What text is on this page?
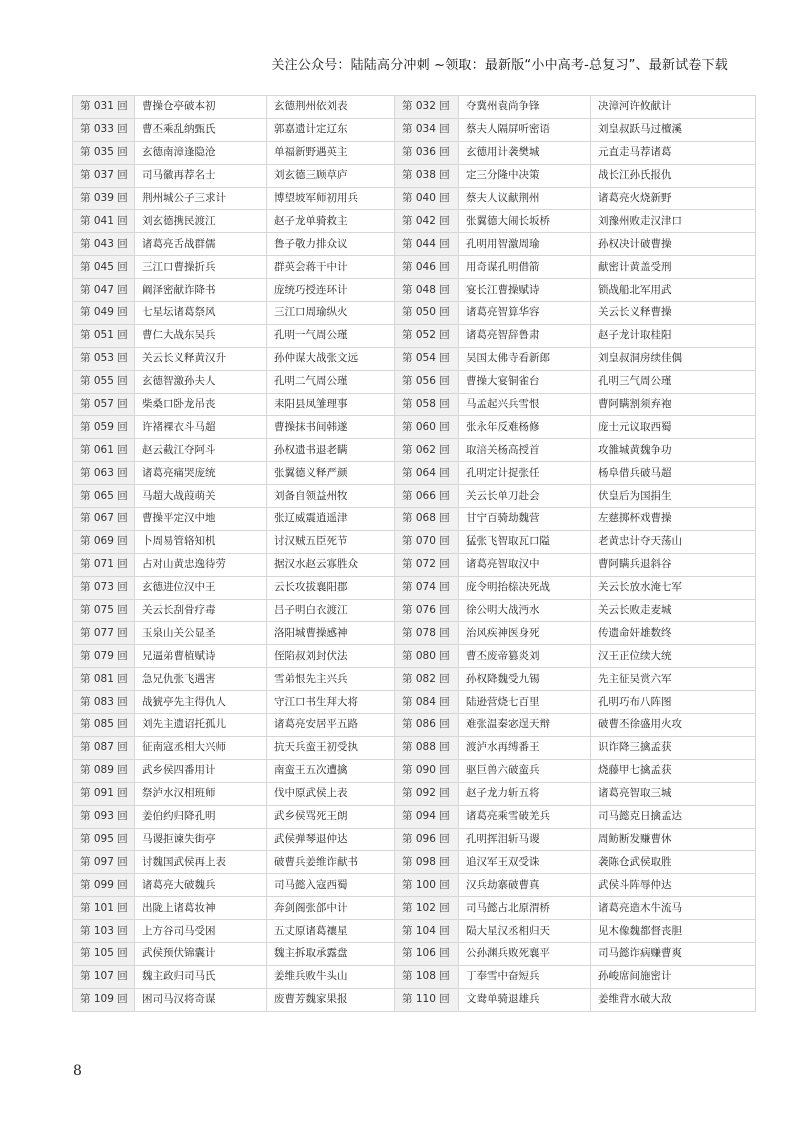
关注公众号：陆陆高分冲刺 ~领取：最新版“小中高考-总复习”、最新试卷下载
第 031 回	曹操仓亭破本初	玄德荆州依刘表	第 032 回	夺冀州袁尚争锋	决漳河许攸献计
第 033 回	曹丕乘乱纳甄氏	郭嘉遗计定辽东	第 034 回	蔡夫人隔屏听密语	刘皇叔跃马过檀溪
第 035 回	玄德南漳逢隐沧	单福新野遇英主	第 036 回	玄德用计袭樊城	元直走马荐诸葛
第 037 回	司马徽再荐名士	刘玄德三顾草庐	第 038 回	定三分隆中决策	战长江孙氏报仇
第 039 回	荆州城公子三求计	博望坡军师初用兵	第 040 回	蔡夫人议献荆州	诸葛亮火烧新野
第 041 回	刘玄德携民渡江	赵子龙单骑救主	第 042 回	张翼德大闹长坂桥	刘豫州败走汉津口
第 043 回	诸葛亮舌战群儒	鲁子敬力排众议	第 044 回	孔明用智激周瑜	孙权决计破曹操
第 045 回	三江口曹操折兵	群英会蒋干中计	第 046 回	用奇谋孔明借箭	献密计黄盖受刑
第 047 回	阚泽密献诈降书	庞统巧授连环计	第 048 回	宴长江曹操赋诗	锁战船北军用武
第 049 回	七星坛诸葛祭风	三江口周瑜纵火	第 050 回	诸葛亮智算华容	关云长义释曹操
第 051 回	曹仁大战东吴兵	孔明一气周公瑾	第 052 回	诸葛亮智辞鲁肃	赵子龙计取桂阳
第 053 回	关云长义释黄汉升	孙仲谋大战张文远	第 054 回	吴国太佛寺看新郎	刘皇叔洞房续佳偶
第 055 回	玄德智激孙夫人	孔明二气周公瑾	第 056 回	曹操大宴铜雀台	孔明三气周公瑾
第 057 回	柴桑口卧龙吊丧	耒阳县凤雏理事	第 058 回	马孟起兴兵雪恨	曹阿瞒割须弃袍
第 059 回	许褚裸衣斗马超	曹操抹书间韩遂	第 060 回	张永年反难杨修	庞士元议取西蜀
第 061 回	赵云截江夺阿斗	孙权遗书退老瞒	第 062 回	取涪关杨高授首	攻雒城黄魏争功
第 063 回	诸葛亮痛哭庞统	张翼德义释严颜	第 064 回	孔明定计捉张任	杨阜借兵破马超
第 065 回	马超大战葭萌关	刘备自领益州牧	第 066 回	关云长单刀赴会	伏皇后为国捐生
第 067 回	曹操平定汉中地	张辽威震逍遥津	第 068 回	甘宁百骑劫魏营	左慈掷杯戏曹操
第 069 回	卜周易管辂知机	讨汉贼五臣死节	第 070 回	猛张飞智取瓦口隘	老黄忠计夺天荡山
第 071 回	占对山黄忠逸待劳	据汉水赵云寡胜众	第 072 回	诸葛亮智取汉中	曹阿瞒兵退斜谷
第 073 回	玄德进位汉中王	云长攻拔襄阳郡	第 074 回	庞令明抬榇决死战	关云长放水淹七军
第 075 回	关云长刮骨疗毒	吕子明白衣渡江	第 076 回	徐公明大战沔水	关云长败走麦城
第 077 回	玉泉山关公显圣	洛阳城曹操感神	第 078 回	治风疾神医身死	传遗命奸雄数终
第 079 回	兄逼弟曹植赋诗	侄陷叔刘封伏法	第 080 回	曹丕废帝篡炎刘	汉王正位续大统
第 081 回	急兄仇张飞遇害	雪弟恨先主兴兵	第 082 回	孙权降魏受九锡	先主征吴赏六军
第 083 回	战猇亭先主得仇人	守江口书生拜大将	第 084 回	陆逊营烧七百里	孔明巧布八阵图
第 085 回	刘先主遗诏托孤儿	诸葛亮安居平五路	第 086 回	难张温秦宓逞天辩	破曹丕徐盛用火攻
第 087 回	征南寇丞相大兴师	抗天兵蛮王初受执	第 088 回	渡泸水再缚番王	识诈降三擒孟获
第 089 回	武乡侯四番用计	南蛮王五次遭擒	第 090 回	驱巨兽六破蛮兵	烧藤甲七擒孟获
第 091 回	祭泸水汉相班师	伐中原武侯上表	第 092 回	赵子龙力斩五将	诸葛亮智取三城
第 093 回	姜伯约归降孔明	武乡侯骂死王朗	第 094 回	诸葛亮乘雪破羌兵	司马懿克日擒孟达
第 095 回	马谡拒谏失街亭	武侯弹琴退仲达	第 096 回	孔明挥泪斩马谡	周鲂断发赚曹休
第 097 回	讨魏国武侯再上表	破曹兵姜维诈献书	第 098 回	追汉军王双受诛	袭陈仓武侯取胜
第 099 回	诸葛亮大破魏兵	司马懿入寇西蜀	第 100 回	汉兵劫寨破曹真	武侯斗阵辱仲达
第 101 回	出陇上诸葛妆神	奔剑阁张郃中计	第 102 回	司马懿占北原渭桥	诸葛亮造木牛流马
第 103 回	上方谷司马受困	五丈原诸葛禳星	第 104 回	陨大星汉丞相归天	见木像魏都督丧胆
第 105 回	武侯预伏锦囊计	魏主拆取承露盘	第 106 回	公孙渊兵败死襄平	司马懿诈病赚曹爽
第 107 回	魏主政归司马氏	姜维兵败牛头山	第 108 回	丁奉雪中奋短兵	孙峻席间施密计
第 109 回	困司马汉将奇谋	废曹芳魏家果报	第 110 回	文鸯单骑退雄兵	姜维背水破大敌
8
